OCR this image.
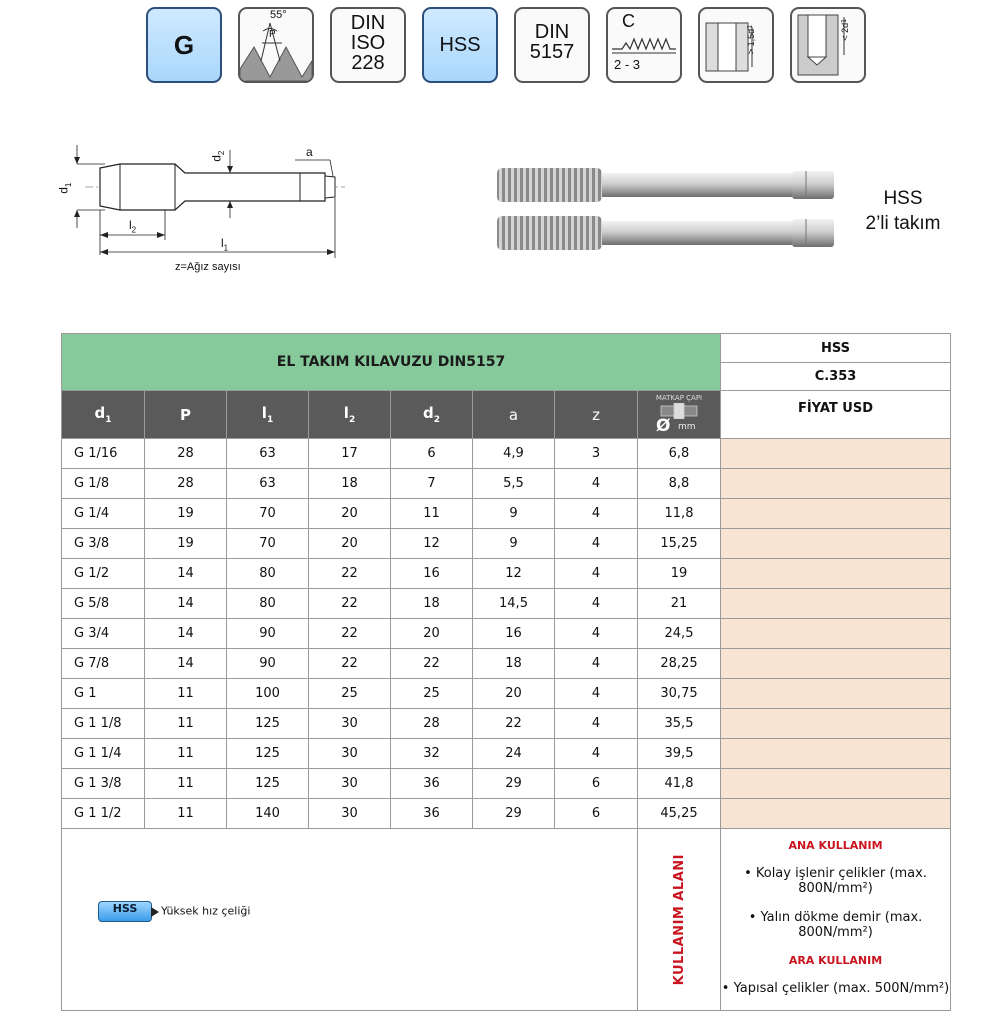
G
55°
P
DIN
ISO
228
HSS
DIN
5157
C
2 - 3
> 1,5d1	< 2d1
$d_1$
$d_2$	a
$l_2$
$l_1$
z=Ağız sayısı
HSS
2’li takım
EL TAKIM KILAVUZU DIN5157								HSS
								C.353
$d_1$	P	$l_1$	$l_2$	$d_2$	a	z	MATKAP ÇAPI
Ø mm	FİYAT USD
G 1/16	28	63	17	6	4,9	3	6,8	
G 1/8	28	63	18	7	5,5	4	8,8	
G 1/4	19	70	20	11	9	4	11,8	
G 3/8	19	70	20	12	9	4	15,25	
G 1/2	14	80	22	16	12	4	19	
G 5/8	14	80	22	18	14,5	4	21	
G 3/4	14	90	22	20	16	4	24,5	
G 7/8	14	90	22	22	18	4	28,25	
G 1	11	100	25	25	20	4	30,75	
G 1 1/8	11	125	30	28	22	4	35,5	
G 1 1/4	11	125	30	32	24	4	39,5	
G 1 3/8	11	125	30	36	29	6	41,8	
G 1 1/2	11	140	30	36	29	6	45,25	

HSS Yüksek hız çeliği							KULLANIM ALANI	ANA KULLANIM
• Kolay işlenir çelikler (max. 800N/mm²)
• Yalın dökme demir (max. 800N/mm²)
ARA KULLANIM
• Yapısal çelikler (max. 500N/mm²)
